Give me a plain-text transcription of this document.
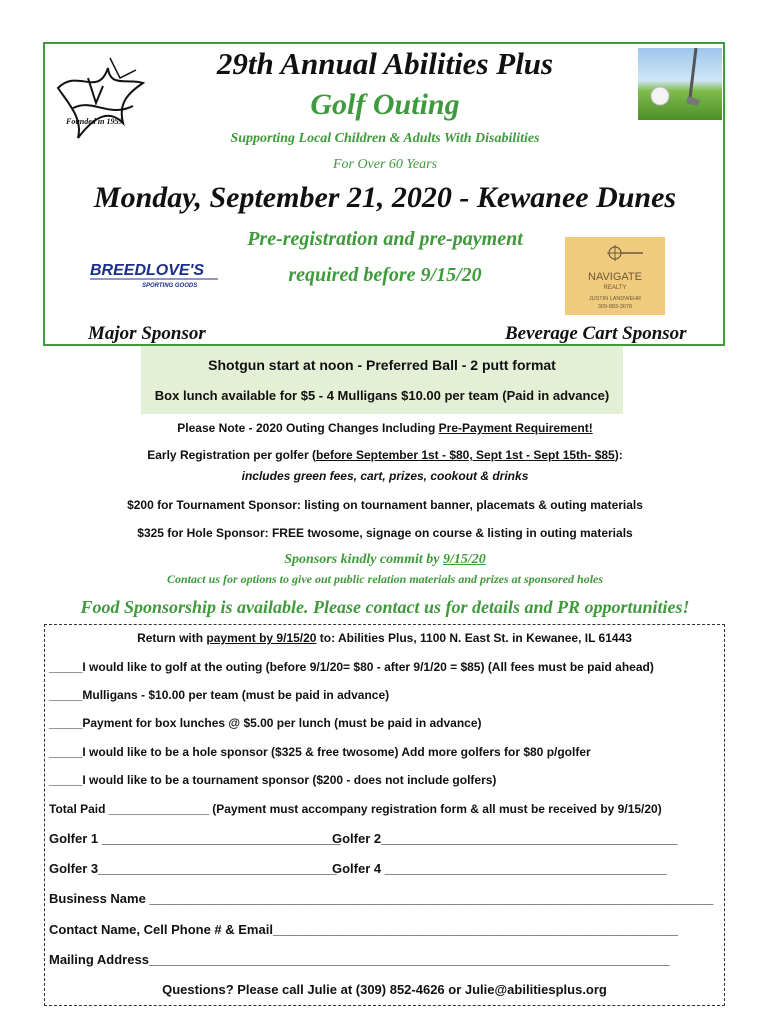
Founded in 1959
29th Annual Abilities Plus
Golf Outing
Supporting Local Children & Adults With Disabilities
For Over 60 Years
Monday, September 21, 2020 - Kewanee Dunes
Pre-registration and pre-payment
required before 9/15/20
BREEDLOVE'S
SPORTING GOODS
NAVIGATE
REALTY
JUSTIN LANDWEHR
309-883-3078
Major Sponsor	Beverage Cart Sponsor
Shotgun start at noon - Preferred Ball - 2 putt format
Box lunch available for $5 - 4 Mulligans $10.00 per team (Paid in advance)
Please Note - 2020 Outing Changes Including Pre-Payment Requirement!
Early Registration per golfer (before September 1st - $80, Sept 1st - Sept 15th- $85):
includes green fees, cart, prizes, cookout & drinks
$200 for Tournament Sponsor: listing on tournament banner, placemats & outing materials
$325 for Hole Sponsor: FREE twosome, signage on course & listing in outing materials
Sponsors kindly commit by 9/15/20
Contact us for options to give out public relation materials and prizes at sponsored holes
Food Sponsorship is available. Please contact us for details and PR opportunities!
Return with payment by 9/15/20 to: Abilities Plus, 1100 N. East St. in Kewanee, IL 61443
_____I would like to golf at the outing (before 9/1/20= $80 - after 9/1/20 = $85) (All fees must be paid ahead)
_____Mulligans - $10.00 per team (must be paid in advance)
_____Payment for box lunches @ $5.00 per lunch (must be paid in advance)
_____I would like to be a hole sponsor ($325 & free twosome) Add more golfers for $80 p/golfer
_____I would like to be a tournament sponsor ($200 - does not include golfers)
Total Paid _______________ (Payment must accompany registration form & all must be received by 9/15/20)
Golfer 1 _________________________________
Golfer 2_________________________________________
Golfer 3_________________________________
Golfer 4 _______________________________________
Business Name ______________________________________________________________________________
Contact Name, Cell Phone # & Email________________________________________________________
Mailing Address________________________________________________________________________
Questions? Please call Julie at (309) 852-4626 or Julie@abilitiesplus.org
